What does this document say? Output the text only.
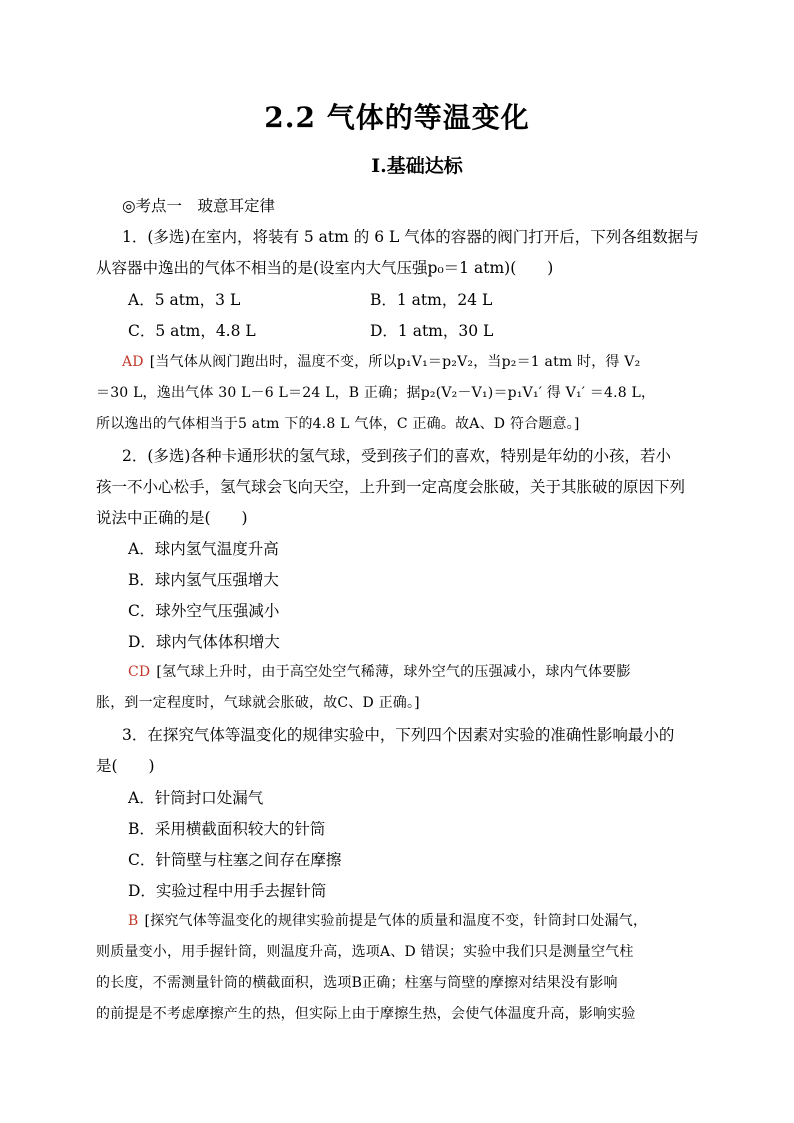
2.2 气体的等温变化
Ⅰ.基础达标
◎考点一　玻意耳定律
1．(多选)在室内，将装有 5 atm 的 6 L 气体的容器的阀门打开后，下列各组数据与
从容器中逸出的气体不相当的是(设室内大气压强p₀＝1 atm)(　　)
A．5 atm，3 L	B．1 atm，24 L
C．5 atm，4.8 L	D．1 atm，30 L
AD [当气体从阀门跑出时，温度不变，所以p₁V₁＝p₂V₂，当p₂＝1 atm 时，得 V₂
＝30 L，逸出气体 30 L－6 L＝24 L，B 正确；据p₂(V₂－V₁)＝p₁V₁′ 得 V₁′ ＝4.8 L，
所以逸出的气体相当于5 atm 下的4.8 L 气体，C 正确。故A、D 符合题意。]
2．(多选)各种卡通形状的氢气球，受到孩子们的喜欢，特别是年幼的小孩，若小
孩一不小心松手，氢气球会飞向天空，上升到一定高度会胀破，关于其胀破的原因下列
说法中正确的是(　　)
A．球内氢气温度升高
B．球内氢气压强增大
C．球外空气压强减小
D．球内气体体积增大
CD [氢气球上升时，由于高空处空气稀薄，球外空气的压强减小，球内气体要膨
胀，到一定程度时，气球就会胀破，故C、D 正确。]
3．在探究气体等温变化的规律实验中，下列四个因素对实验的准确性影响最小的
是(　　)
A．针筒封口处漏气
B．采用横截面积较大的针筒
C．针筒壁与柱塞之间存在摩擦
D．实验过程中用手去握针筒
B [探究气体等温变化的规律实验前提是气体的质量和温度不变，针筒封口处漏气，
则质量变小，用手握针筒，则温度升高，选项A、D 错误；实验中我们只是测量空气柱
的长度，不需测量针筒的横截面积，选项B正确；柱塞与筒壁的摩擦对结果没有影响
的前提是不考虑摩擦产生的热，但实际上由于摩擦生热，会使气体温度升高，影响实验
